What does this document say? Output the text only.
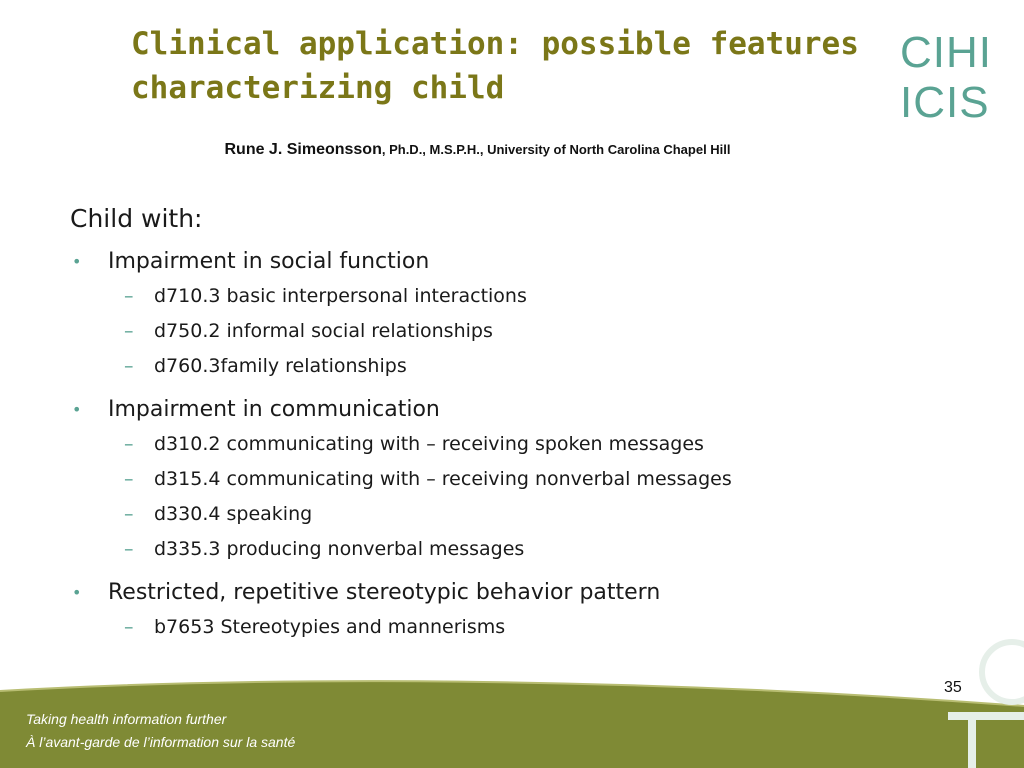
Clinical application: possible features
characterizing child
CIHI
ICIS
Rune J. Simeonsson, Ph.D., M.S.P.H., University of North Carolina Chapel Hill

Child with:

• Impairment in social function
– d710.3 basic interpersonal interactions
– d750.2 informal social relationships
– d760.3family relationships
• Impairment in communication
– d310.2 communicating with – receiving spoken messages
– d315.4 communicating with – receiving nonverbal messages
– d330.4 speaking
– d335.3 producing nonverbal messages
• Restricted, repetitive stereotypic behavior pattern
– b7653 Stereotypies and mannerisms
35
Taking health information further
À l’avant-garde de l’information sur la santé
